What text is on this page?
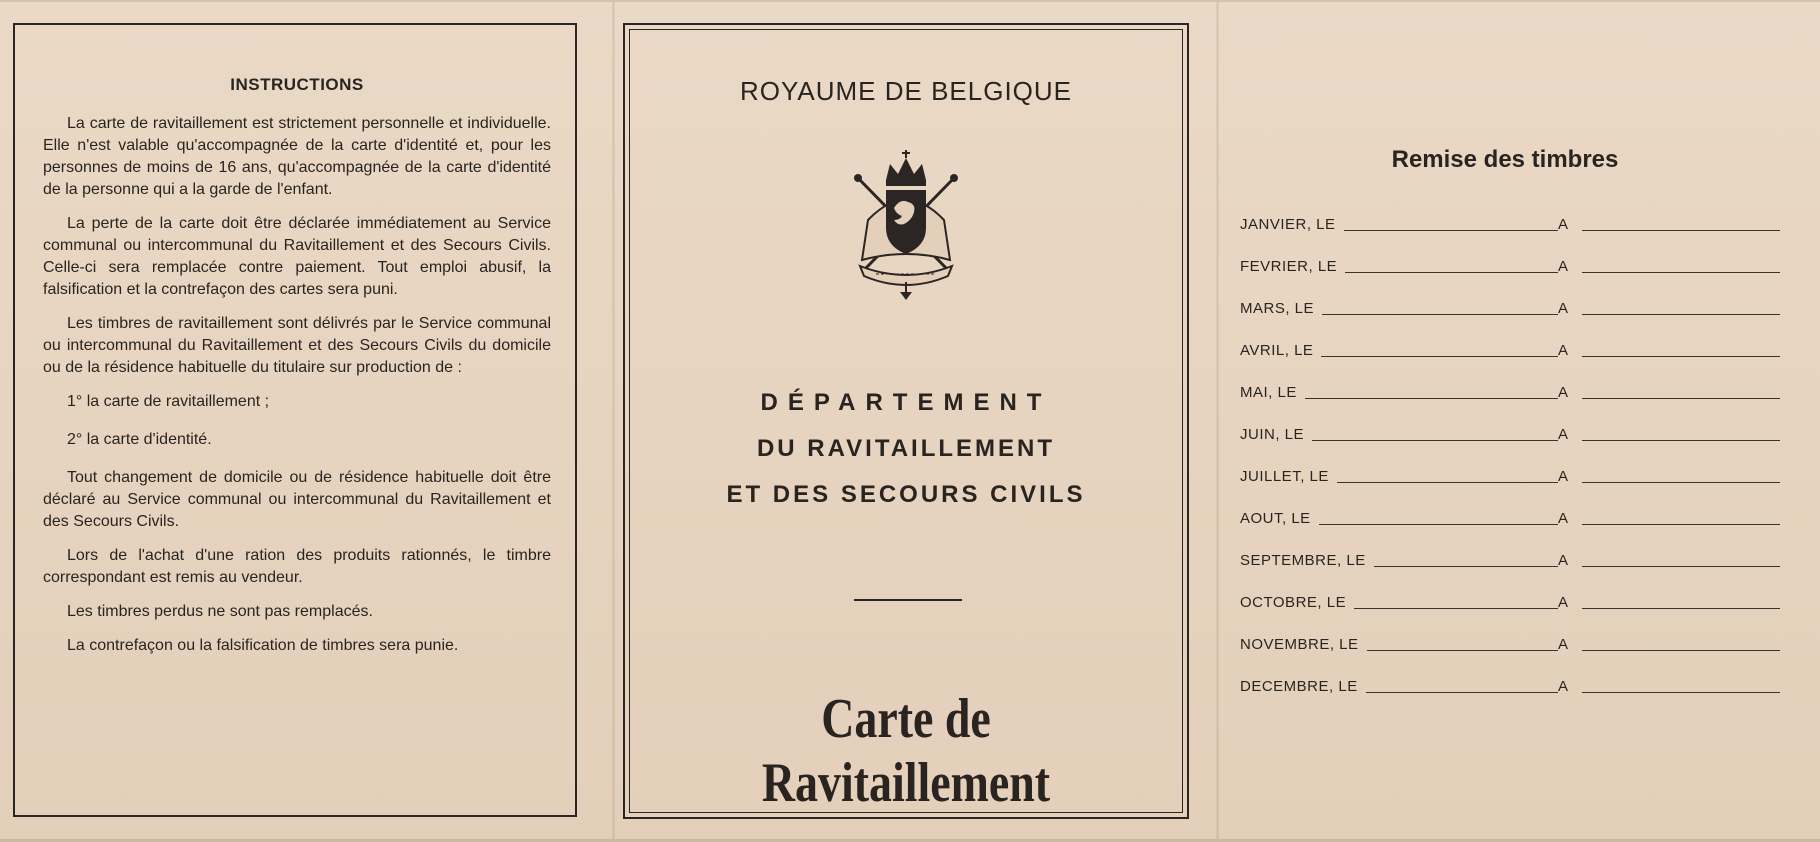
INSTRUCTIONS

La carte de ravitaillement est strictement personnelle et individuelle. Elle n'est valable qu'accompagnée de la carte d'identité et, pour les personnes de moins de 16 ans, qu'accompagnée de la carte d'identité de la personne qui a la garde de l'enfant.

La perte de la carte doit être déclarée immédiatement au Service communal ou intercommunal du Ravitaillement et des Secours Civils. Celle-ci sera remplacée contre paiement. Tout emploi abusif, la falsification et la contrefaçon des cartes sera puni.

Les timbres de ravitaillement sont délivrés par le Service communal ou intercommunal du Ravitaillement et des Secours Civils du domicile ou de la résidence habituelle du titulaire sur production de :

1° la carte de ravitaillement ;

2° la carte d'identité.

Tout changement de domicile ou de résidence habituelle doit être déclaré au Service communal ou intercommunal du Ravitaillement et des Secours Civils.

Lors de l'achat d'une ration des produits rationnés, le timbre correspondant est remis au vendeur.

Les timbres perdus ne sont pas remplacés.

La contrefaçon ou la falsification de timbres sera punie.

ROYAUME DE BELGIQUE
DÉPARTEMENT
DU RAVITAILLEMENT
ET DES SECOURS CIVILS
Carte de Ravitaillement
Remise des timbres
JANVIER, LE	A
FEVRIER, LE	A
MARS, LE	A
AVRIL, LE	A
MAI, LE	A
JUIN, LE	A
JUILLET, LE	A
AOUT, LE	A
SEPTEMBRE, LE	A
OCTOBRE, LE	A
NOVEMBRE, LE	A
DECEMBRE, LE	A
